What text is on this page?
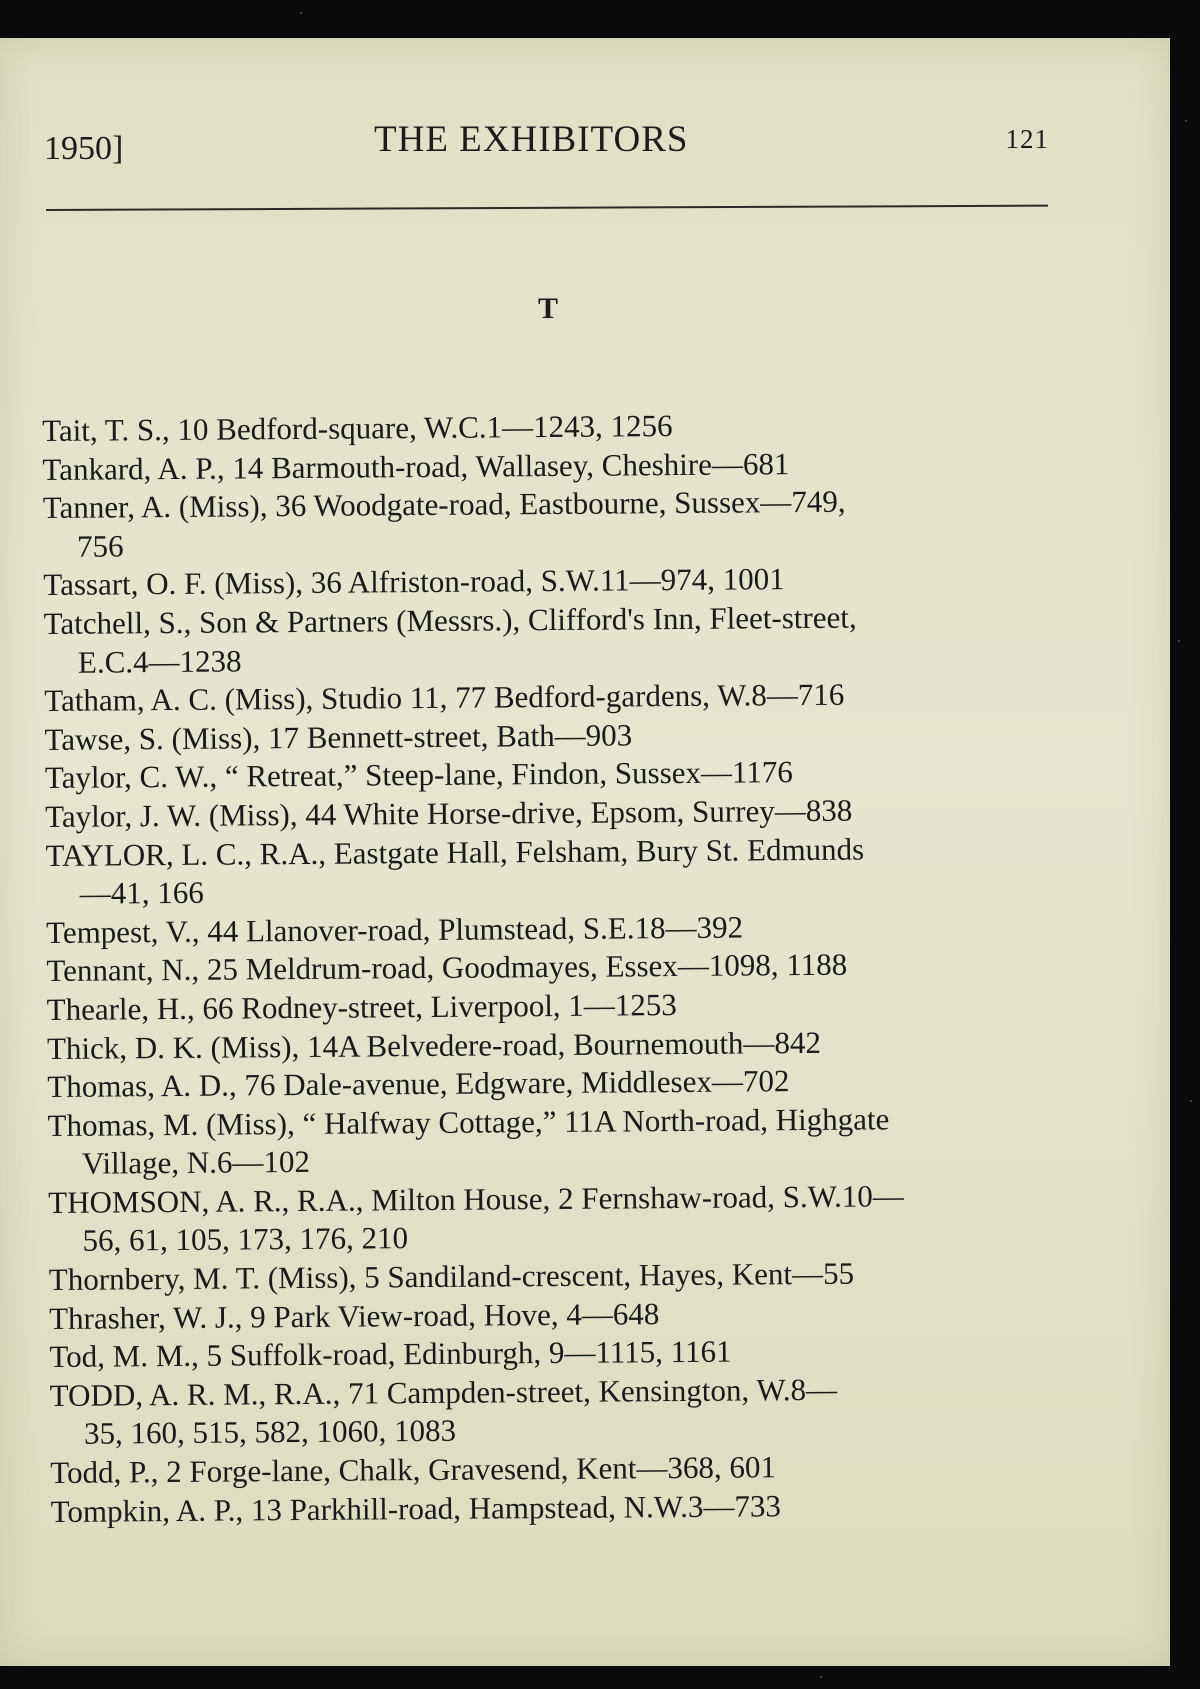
1950]	THE EXHIBITORS	121
T
Tait, T. S., 10 Bedford-square, W.C.1—1243, 1256
Tankard, A. P., 14 Barmouth-road, Wallasey, Cheshire—681
Tanner, A. (Miss), 36 Woodgate-road, Eastbourne, Sussex—749,
756
Tassart, O. F. (Miss), 36 Alfriston-road, S.W.11—974, 1001
Tatchell, S., Son & Partners (Messrs.), Clifford's Inn, Fleet-street,
E.C.4—1238
Tatham, A. C. (Miss), Studio 11, 77 Bedford-gardens, W.8—716
Tawse, S. (Miss), 17 Bennett-street, Bath—903
Taylor, C. W., “ Retreat,” Steep-lane, Findon, Sussex—1176
Taylor, J. W. (Miss), 44 White Horse-drive, Epsom, Surrey—838
TAYLOR, L. C., R.A., Eastgate Hall, Felsham, Bury St. Edmunds
—41, 166
Tempest, V., 44 Llanover-road, Plumstead, S.E.18—392
Tennant, N., 25 Meldrum-road, Goodmayes, Essex—1098, 1188
Thearle, H., 66 Rodney-street, Liverpool, 1—1253
Thick, D. K. (Miss), 14A Belvedere-road, Bournemouth—842
Thomas, A. D., 76 Dale-avenue, Edgware, Middlesex—702
Thomas, M. (Miss), “ Halfway Cottage,” 11A North-road, Highgate
Village, N.6—102
THOMSON, A. R., R.A., Milton House, 2 Fernshaw-road, S.W.10—
56, 61, 105, 173, 176, 210
Thornbery, M. T. (Miss), 5 Sandiland-crescent, Hayes, Kent—55
Thrasher, W. J., 9 Park View-road, Hove, 4—648
Tod, M. M., 5 Suffolk-road, Edinburgh, 9—1115, 1161
TODD, A. R. M., R.A., 71 Campden-street, Kensington, W.8—
35, 160, 515, 582, 1060, 1083
Todd, P., 2 Forge-lane, Chalk, Gravesend, Kent—368, 601
Tompkin, A. P., 13 Parkhill-road, Hampstead, N.W.3—733
